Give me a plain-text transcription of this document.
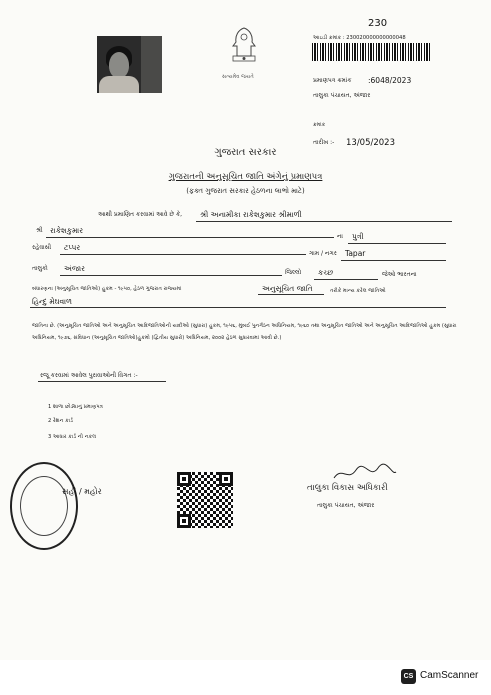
230
સત્યમેવ જયતે
આઇડી ક્રમાંક : 230020000000000048
પ્રમાણપત્ર ક્રમાંક :6048/2023
તાલુકા પંચાયત, અંજાર
ક્રમાંક
તારીખ :- 13/05/2023
ગુજરાત સરકાર
ગુજરાતની અનુસૂચિત જાતિ અંગેનું પ્રમાણપત્ર
(ફક્ત ગુજરાત સરકાર હેઠળના લાભો માટે)
આથી પ્રમાણિત કરવામાં આવે છે કે, શ્રી અનામીકા રાકેશકુમાર શ્રીમાળી
શ્રી રાકેશકુમાર
ના પુત્રી
રહેવાસી ટપ્પર
ગામ / નગર Tapar
તાલુકો અંજાર	જિલ્લો કચ્છ	જેઓ ભારતના
બંધારણના (અનુસૂચિત જાતિઓ) હુકમ - ૧૯૫૦, હેઠળ ગુજરાત રાજ્યમાં	અનુસૂચિત જાતિ	તરીકે માન્ય કરેલ જાતિઓ
હિન્દુ મેઘવાળ
જાતિના છે. (અનુસૂચિત જાતિઓ અને અનુસૂચિત આદિજાતિઓની યાદીઓ (સુધારા) હુકમ, ૧૯૫૬, મુંબઈ પુનર્ગઠન અધિનિયમ, ૧૯૬૦ તથા અનુસૂચિત જાતિઓ અને અનુસૂચિત આદિજાતિઓ હુકમ (સુધારા અધિનિયમ, ૧૯૭૬, સંવિધાન (અનુસૂચિત જાતિઓ)હુકમો (દ્વિતીય સુધારો) અધિનિયમ, ૨૦૦૨ હેઠળ સુધારવામાં આવી છે.)
રજૂ કરવામાં આવેલ પુરાવાઓની વિગત :-
1 શાળા છોડ્યાનું પ્રમાણપત્ર
2 રેશન કાર્ડ
3 આધાર કાર્ડ ની નકલ
સહી / મહોર	તાલુકા વિકાસ અધિકારી
તાલુકા પંચાયત, અંજાર
CS CamScanner
